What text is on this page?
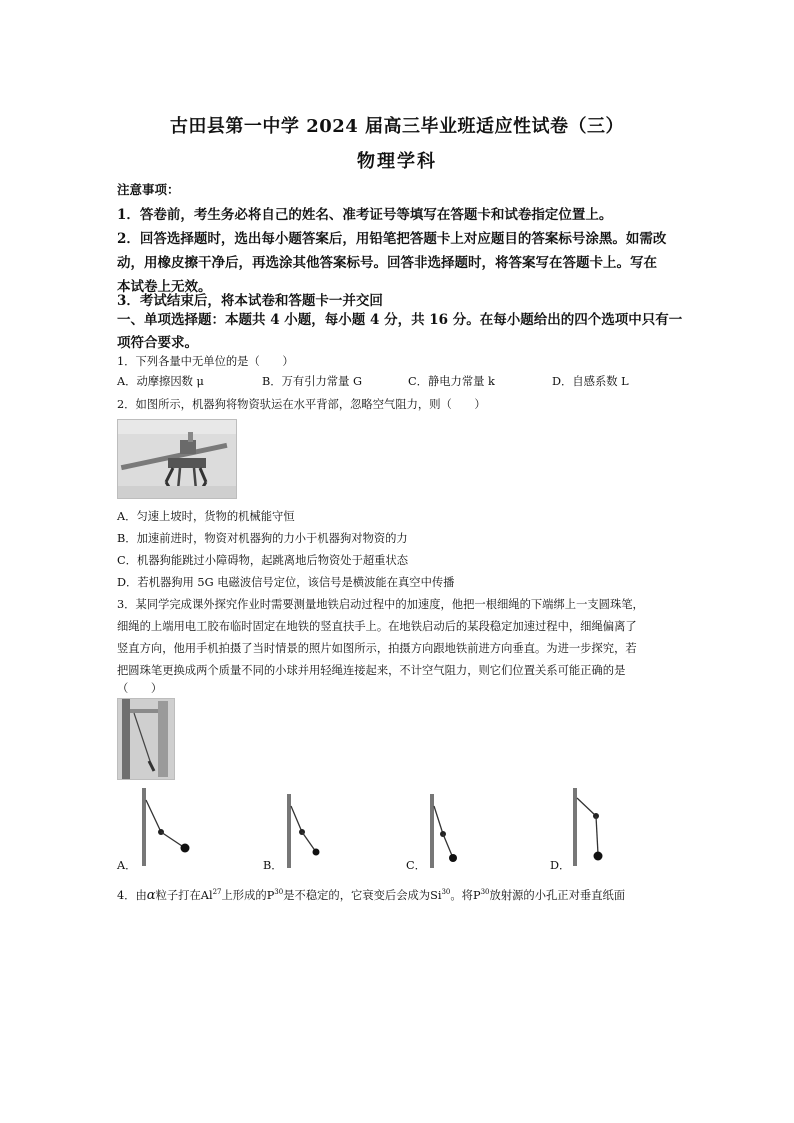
古田县第一中学 2024 届高三毕业班适应性试卷（三）
物理学科
注意事项：
1．答卷前，考生务必将自己的姓名、准考证号等填写在答题卡和试卷指定位置上。
2．回答选择题时，选出每小题答案后，用铅笔把答题卡上对应题目的答案标号涂黑。如需改
动，用橡皮擦干净后，再选涂其他答案标号。回答非选择题时，将答案写在答题卡上。写在
本试卷上无效。
3．考试结束后，将本试卷和答题卡一并交回
一、单项选择题：本题共 4 小题，每小题 4 分，共 16 分。在每小题给出的四个选项中只有一
项符合要求。
1．下列各量中无单位的是（　　）
A．动摩擦因数 μ	B．万有引力常量 G	C．静电力常量 k	D．自感系数 L
2．如图所示，机器狗将物资驮运在水平背部，忽略空气阻力，则（　　）
A．匀速上坡时，货物的机械能守恒
B．加速前进时，物资对机器狗的力小于机器狗对物资的力
C．机器狗能跳过小障碍物，起跳离地后物资处于超重状态
D．若机器狗用 5G 电磁波信号定位，该信号是横波能在真空中传播
3．某同学完成课外探究作业时需要测量地铁启动过程中的加速度，他把一根细绳的下端绑上一支圆珠笔，
细绳的上端用电工胶布临时固定在地铁的竖直扶手上。在地铁启动后的某段稳定加速过程中，细绳偏离了
竖直方向，他用手机拍摄了当时情景的照片如图所示，拍摄方向跟地铁前进方向垂直。为进一步探究，若
把圆珠笔更换成两个质量不同的小球并用轻绳连接起来，不计空气阻力，则它们位置关系可能正确的是
（　　）
A．	B．	C．	D．
4．由α粒子打在Al$^{27}$上形成的$P^{30}$是不稳定的，它衰变后会成为Si$^{30}$。将$P^{30}$放射源的小孔正对垂直纸面
